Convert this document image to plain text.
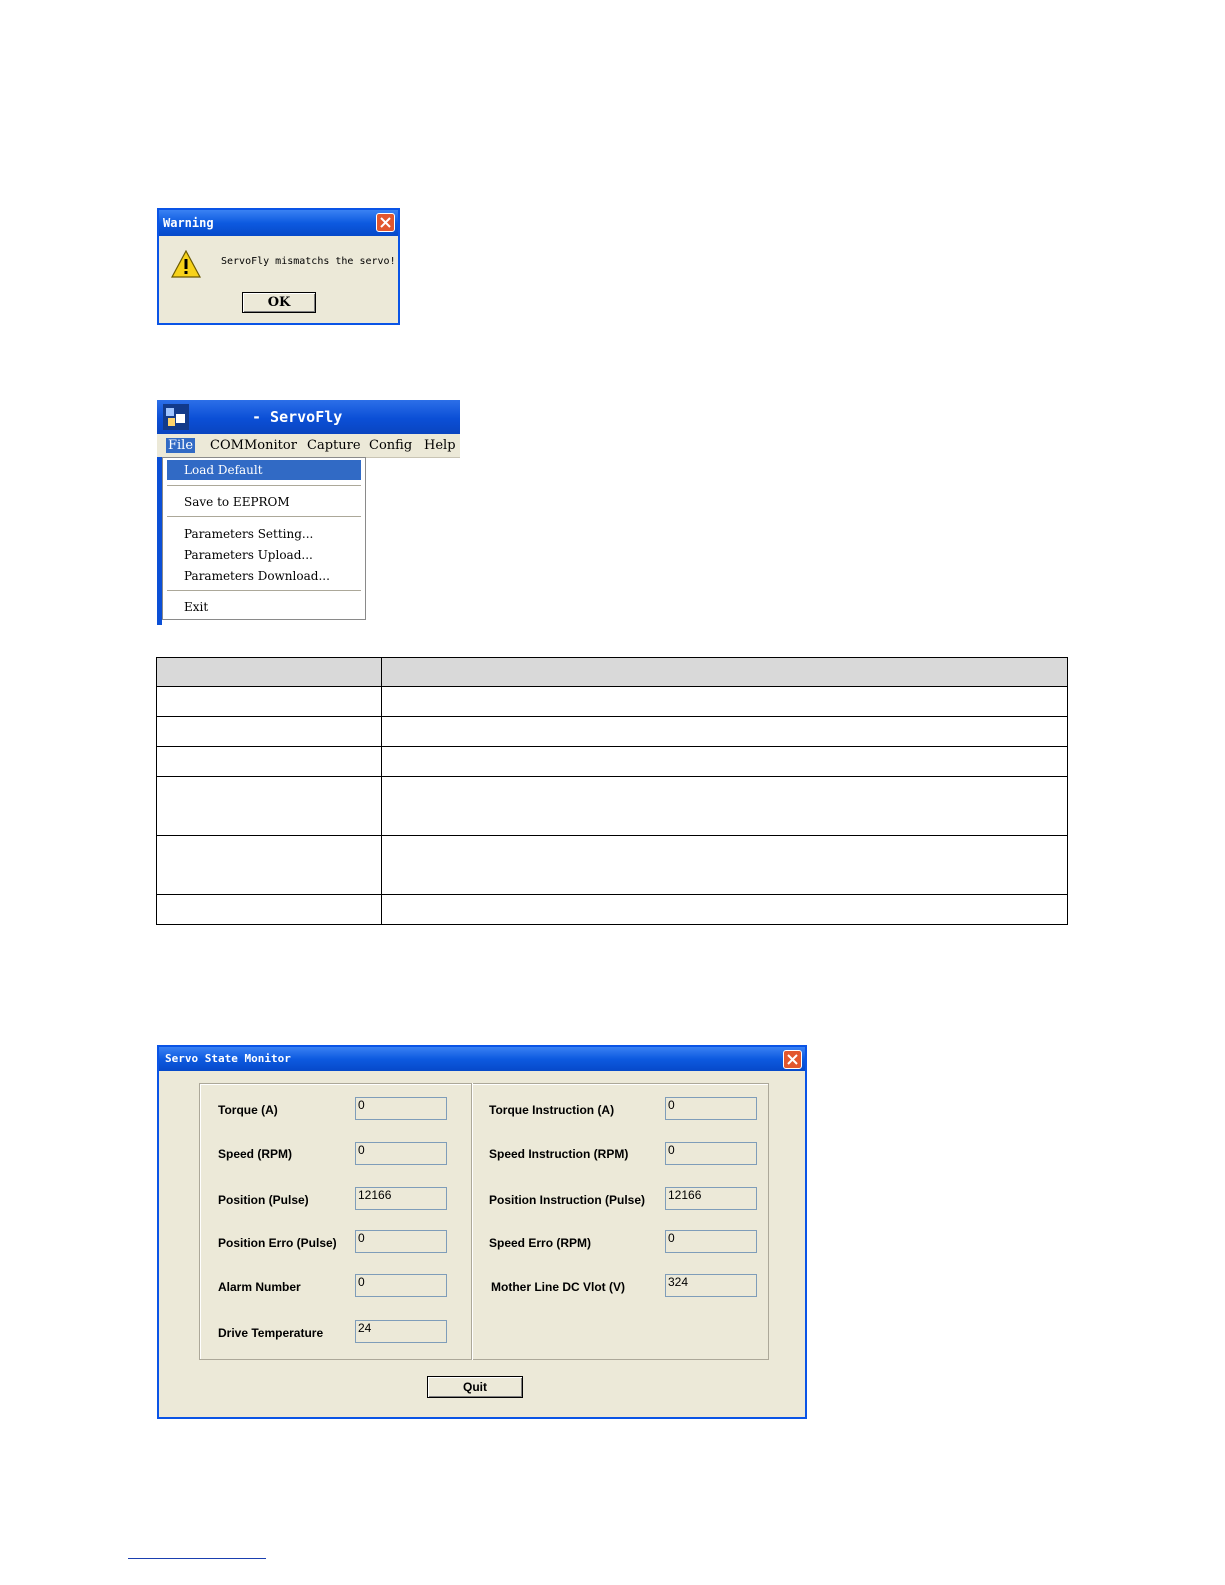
Warning
ServoFly mismatchs the servo!
OK
- ServoFly
File COM Monitor Capture Config Help
Load Default
Save to EEPROM
Parameters Setting...
Parameters Upload...
Parameters Download...
Exit

Servo State Monitor
Torque (A)	0
Speed (RPM)	0
Position (Pulse)	12166
Position Erro (Pulse) 0
Alarm Number	0
Drive Temperature	24
Torque Instruction (A)	0
Speed Instruction (RPM)	0
Position Instruction (Pulse) 12166
Speed Erro (RPM)	0
Mother Line DC Vlot (V)	324
Quit
